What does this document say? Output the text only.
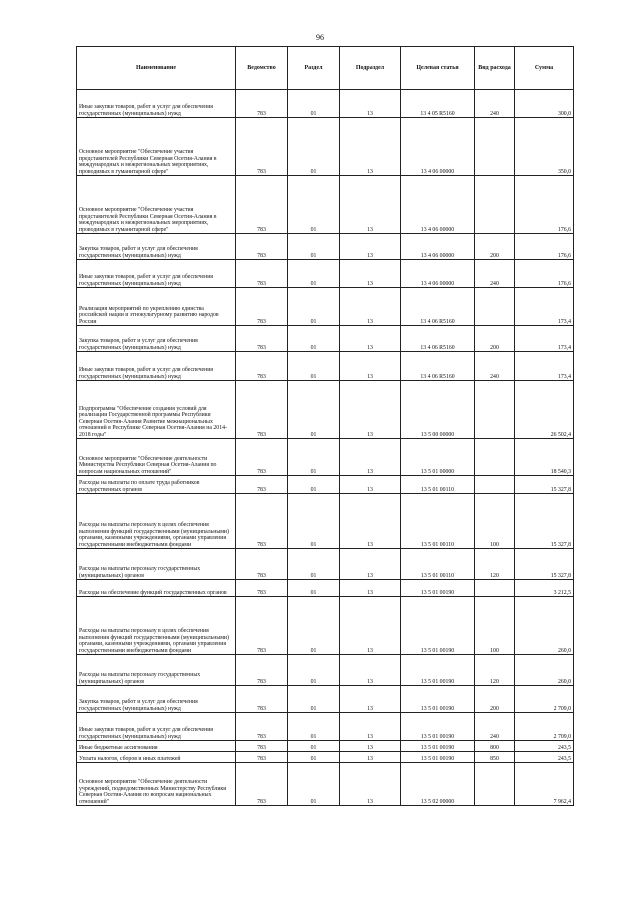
96
Наименование	Ведомство	Раздел	Подраздел	Целевая статья	Вид расхода	Сумма
Иные закупки товаров, работ и услуг для обеспечения государственных (муниципальных) нужд	783	01	13	13 4 05 R5160	240	300,0
Основное мероприятие "Обеспечение участия представителей Республики Северная Осетия-Алания в международных и межрегиональных мероприятиях, проводимых в гуманитарной сфере"	783	01	13	13 4 06 00000		350,0
Основное мероприятие "Обеспечение участия представителей Республики Северная Осетия-Алания в международных и межрегиональных мероприятиях, проводимых в гуманитарной сфере"	783	01	13	13 4 06 00000		176,6
Закупка товаров, работ и услуг для обеспечения государственных (муниципальных) нужд	783	01	13	13 4 06 00000	200	176,6
Иные закупки товаров, работ и услуг для обеспечения государственных (муниципальных) нужд	783	01	13	13 4 06 00000	240	176,6
Реализация мероприятий по укреплению единства российской нации и этнокультурному развитию народов России	783	01	13	13 4 06 R5160		173,4
Закупка товаров, работ и услуг для обеспечения государственных (муниципальных) нужд	783	01	13	13 4 06 R5160	200	173,4
Иные закупки товаров, работ и услуг для обеспечения государственных (муниципальных) нужд	783	01	13	13 4 06 R5160	240	173,4
Подпрограмма "Обеспечение создания условий для реализации Государственной программы Республики Северная Осетия-Алания Развитие межнациональных отношений в Республике Северная Осетия-Алания на 2014-2018 годы"	783	01	13	13 5 00 00000		26 502,4
Основное мероприятие "Обеспечение деятельности Министерства Республики Северная Осетия-Алания по вопросам национальных отношений"	783	01	13	13 5 01 00000		18 540,3
Расходы на выплаты по оплате труда работников государственных органов	783	01	13	13 5 01 00110		15 327,8
Расходы на выплаты персоналу в целях обеспечения выполнения функций государственными (муниципальными) органами, казенными учреждениями, органами управления государственными внебюджетными фондами	783	01	13	13 5 01 00110	100	15 327,8
Расходы на выплаты персоналу государственных (муниципальных) органов	783	01	13	13 5 01 00110	120	15 327,8
Расходы на обеспечение функций государственных органов	783	01	13	13 5 01 00190		3 212,5
Расходы на выплаты персоналу в целях обеспечения выполнения функций государственными (муниципальными) органами, казенными учреждениями, органами управления государственными внебюджетными фондами	783	01	13	13 5 01 00190	100	260,0
Расходы на выплаты персоналу государственных (муниципальных) органов	783	01	13	13 5 01 00190	120	260,0
Закупка товаров, работ и услуг для обеспечения государственных (муниципальных) нужд	783	01	13	13 5 01 00190	200	2 709,0
Иные закупки товаров, работ и услуг для обеспечения государственных (муниципальных) нужд	783	01	13	13 5 01 00190	240	2 709,0
Иные бюджетные ассигнования	783	01	13	13 5 01 00190	800	243,5
Уплата налогов, сборов и иных платежей	783	01	13	13 5 01 00190	850	243,5
Основное мероприятие "Обеспечение деятельности учреждений, подведомственных Министерству Республики Северная Осетия-Алания по вопросам национальных отношений"	783	01	13	13 5 02 00000		7 962,4
